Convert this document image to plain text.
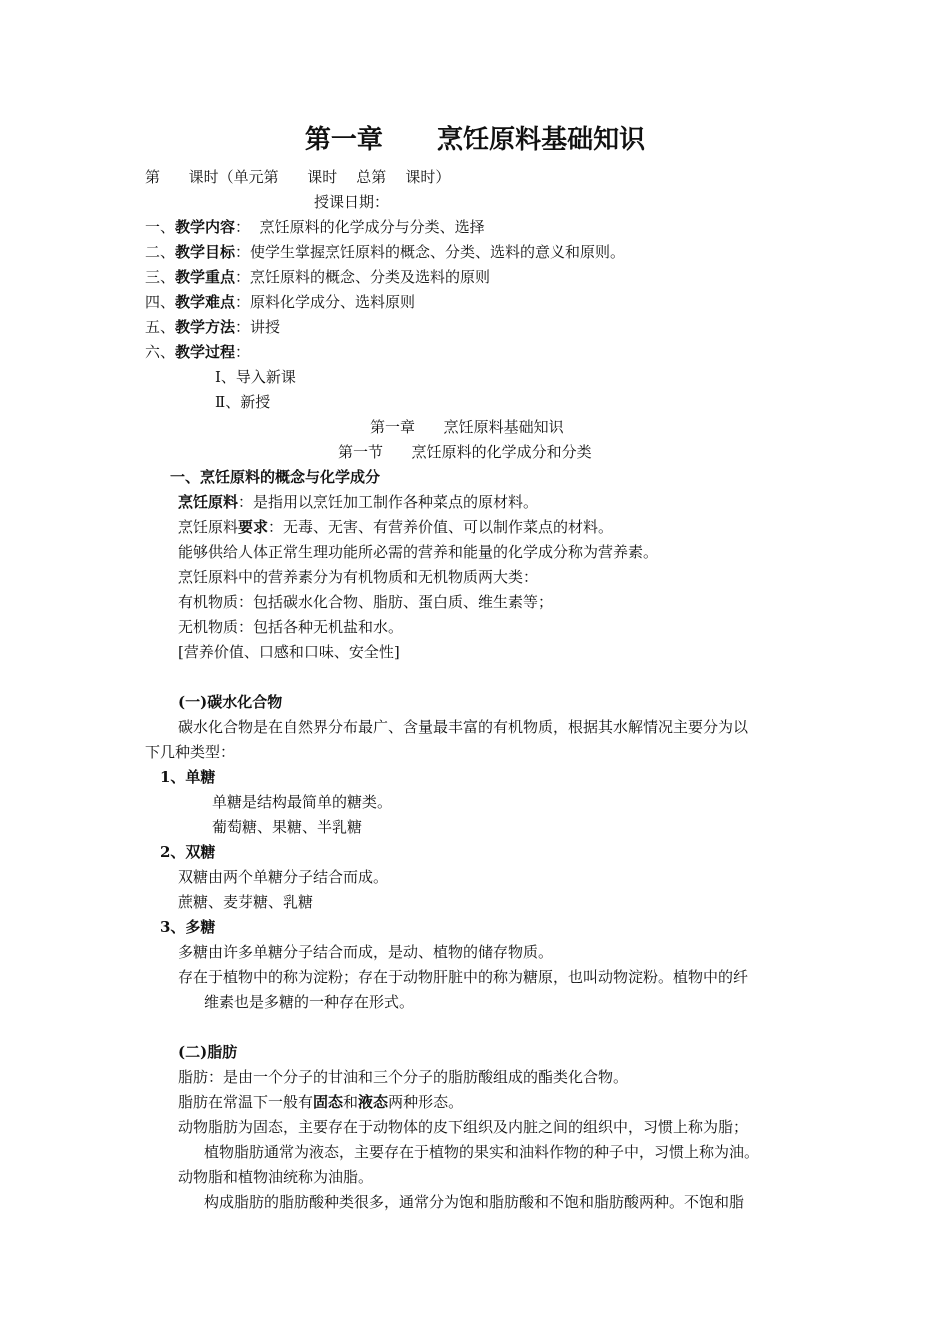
第一章      烹饪原料基础知识
第      课时（单元第      课时    总第    课时）
授课日期：
一、教学内容：  烹饪原料的化学成分与分类、选择
二、教学目标：使学生掌握烹饪原料的概念、分类、选料的意义和原则。
三、教学重点：烹饪原料的概念、分类及选料的原则
四、教学难点：原料化学成分、选料原则
五、教学方法：讲授
六、教学过程：
Ⅰ、导入新课
Ⅱ、新授
第一章      烹饪原料基础知识
第一节      烹饪原料的化学成分和分类
一、烹饪原料的概念与化学成分
烹饪原料：是指用以烹饪加工制作各种菜点的原材料。
烹饪原料要求：无毒、无害、有营养价值、可以制作菜点的材料。
能够供给人体正常生理功能所必需的营养和能量的化学成分称为营养素。
烹饪原料中的营养素分为有机物质和无机物质两大类：
有机物质：包括碳水化合物、脂肪、蛋白质、维生素等；
无机物质：包括各种无机盐和水。
[营养价值、口感和口味、安全性]
(一)碳水化合物
碳水化合物是在自然界分布最广、含量最丰富的有机物质，根据其水解情况主要分为以
下几种类型：
1、单糖
单糖是结构最简单的糖类。
葡萄糖、果糖、半乳糖
2、双糖
双糖由两个单糖分子结合而成。
蔗糖、麦芽糖、乳糖
3、多糖
多糖由许多单糖分子结合而成，是动、植物的储存物质。
存在于植物中的称为淀粉；存在于动物肝脏中的称为糖原，也叫动物淀粉。植物中的纤
维素也是多糖的一种存在形式。
(二)脂肪
脂肪：是由一个分子的甘油和三个分子的脂肪酸组成的酯类化合物。
脂肪在常温下一般有固态和液态两种形态。
动物脂肪为固态，主要存在于动物体的皮下组织及内脏之间的组织中，习惯上称为脂；
植物脂肪通常为液态，主要存在于植物的果实和油料作物的种子中，习惯上称为油。
动物脂和植物油统称为油脂。
构成脂肪的脂肪酸种类很多，通常分为饱和脂肪酸和不饱和脂肪酸两种。不饱和脂
